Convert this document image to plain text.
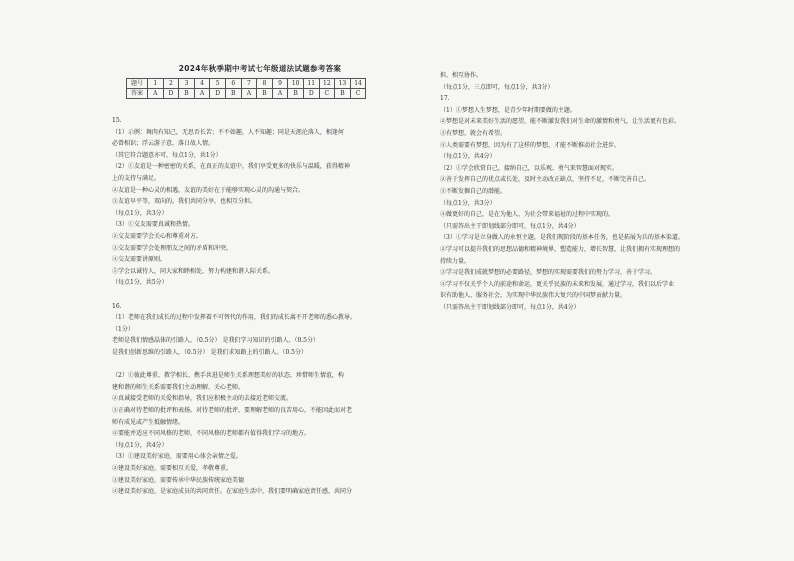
2024年秋季期中考试七年级道法试题参考答案
题号	1	2	3	4	5	6	7	8	9	10	11	12	13	14
答案	A	D	B	A	D	B	A	B	A	B	D	C	B	C
15.
（1）示例：舞肉有知己，无思否长苦；不不如趣，人不知趣；同是天涯沦落人，相逢何
必曾相识；浮云游子意，落日故人情。
（其它符合题意亦可，每点1分，共1分）
（2）①友谊是一种密密的关系，在真正的友谊中，我们享受更多的快乐与温暖，获得精神
上的支持与满足。
②友谊是一种心灵的相遇，友谊的美好在于能够实现心灵的沟通与契合。
③友谊早平等，双向的。我们共同分享，也相互分担。
（每点1分，共3分）
（3）①交友需要真诚和热情。
②交友需要学会关心和尊重对方。
③交友需要学会处理朋友之间的矛盾和冲突。
④交友需要讲原则。
⑤学会以诚待人，同大家和睦相处，努力构建和谐人际关系。
（每点1分，共5分）
16.
（1）老师在我们成长的过程中发挥着不可替代的作用，我们的成长离不开老师的悉心教导。
（1分）
老师是我们情感晶体的引路人，（0.5分） 是我们学习知识的引路人。（0.5分）
是我们创新思维的引路人，（0.5分） 是我们求知路上的引路人。（0.5分）
（2）①彼此尊重、教学相长、携手共进是师生关系理想美好的状态。珍惜师生情谊，构
建和谐的师生关系需要我们主动理解、关心老师。
②真诚接受老师的关爱和指导，我们应积极主动的去接近老师交流。
③正确对待老师的批评和表扬。对待老师的批评，要理解老师的良苦用心，不能因此而对老
师有成见或产生抵触情绪。
④要能并适应不同风格的老师，不同风格的老师都有值得我们学习的地方。
（每点1分，共4分）
（3）①建设美好家庭，需要用心体会亲情之爱。
②建设美好家庭，需要相互关爱，孝敬尊重。
③建设美好家庭，需要传承中华民族传统家庭美德
④建设美好家庭，是家庭成员的共同责任。在家庭生活中，我们要明确家庭责任感，共同分
担，相互协作。
（每点1分，三点即可，每点1分，共3分）
17.
（1）①梦想人生梦想，是青少年时期要做的主题。
②梦想是对未来美好生活的愿望，能不断激发我们对生命的激情和勇气，让生活更有色彩。
③有梦想，就会有希望。
④人类需要有梦想，因为有了这样的梦想，才能不断推动社会进步。
（每点1分，共4分）
（2）①学会欣赏自己，接纳自己，以乐观、勇气来智慧面对现实。
②善于发挥自己的优点或长处，及时主动改正缺点，坚持不足，不断完善自己。
③不断发掘自己的潜能。
（每点1分，共3分）
④做更好的自己，是在为他人、为社会带来福祉的过程中实现的。
（只需答出主干即划线部分即可，每点1分，共4分）
（3）①学习是立身做人的永恒主题，是我们现阶段的基本任务，也是拓展为兵的基本渠道。
②学习可以提升我们的思想品德和精神境界，塑造能力，增长智慧，让我们拥有实现理想的
持续力量。
③学习是我们成就梦想的必要路径，梦想的实现需要我们的努力学习，善于学习。
④学习不仅关乎个人的前途和命运，更关乎民族的未来和发展，通过学习，我们以后学业
识有助他人、服务社会，为实现中华民族伟大复兴的中国梦贡献力量。
（只需答出主干即划线部分即可，每点1分，共4分）
